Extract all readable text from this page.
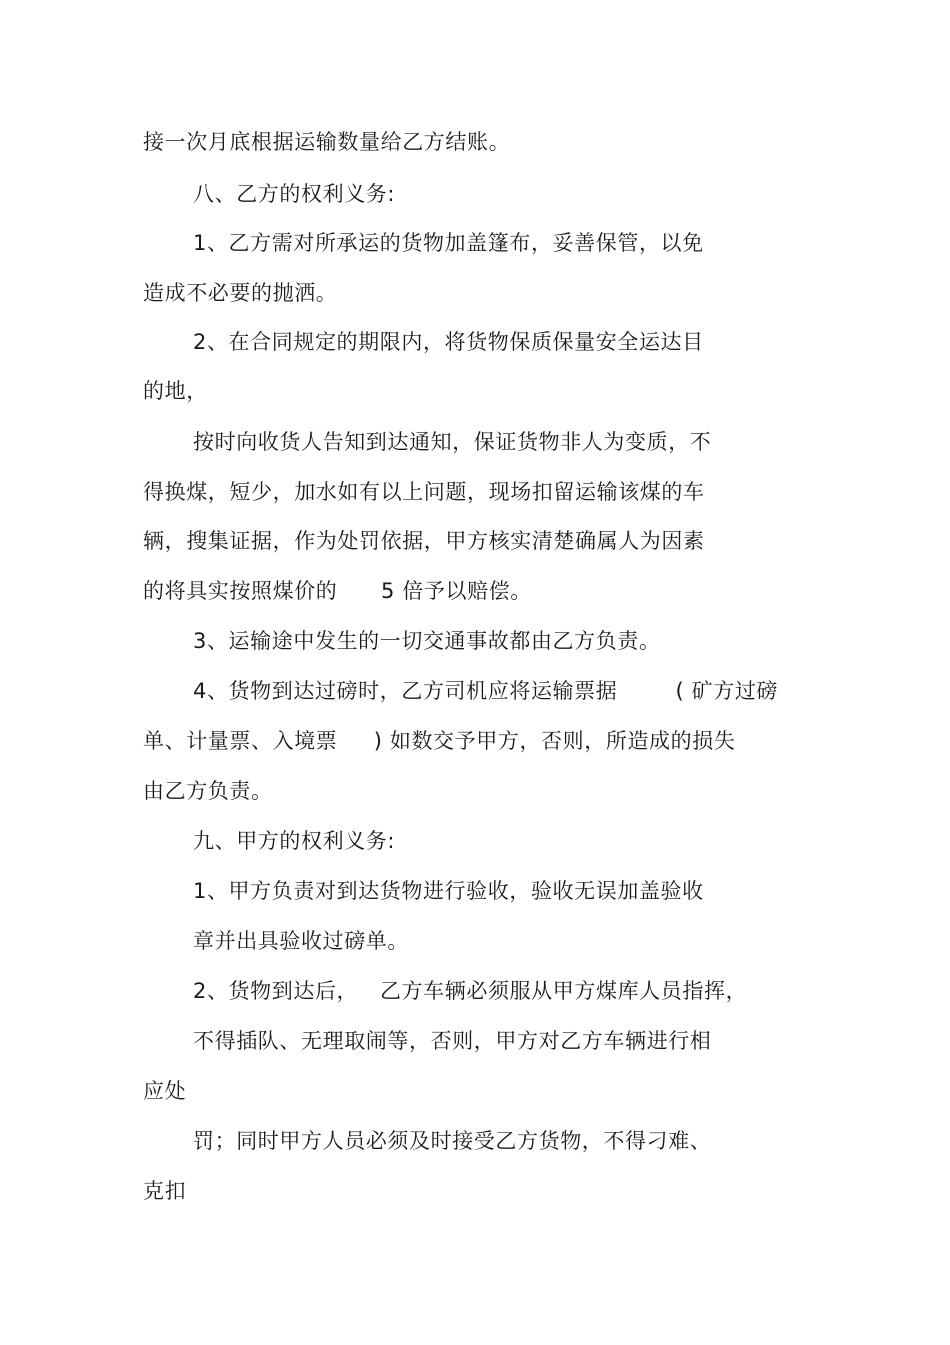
接一次月底根据运输数量给乙方结账。
八、乙方的权利义务:
1、乙方需对所承运的货物加盖篷布，妥善保管，以免
造成不必要的抛洒。
2、在合同规定的期限内，将货物保质保量安全运达目
的地，
按时向收货人告知到达通知，保证货物非人为变质，不
得换煤，短少，加水如有以上问题，现场扣留运输该煤的车
辆，搜集证据，作为处罚依据，甲方核实清楚确属人为因素
的将具实按照煤价的      5 倍予以赔偿。
3、运输途中发生的一切交通事故都由乙方负责。
4、货物到达过磅时，乙方司机应将运输票据        ( 矿方过磅
单、计量票、入境票     ) 如数交予甲方，否则，所造成的损失
由乙方负责。
九、甲方的权利义务:
1、甲方负责对到达货物进行验收，验收无误加盖验收
章并出具验收过磅单。
2、货物到达后，   乙方车辆必须服从甲方煤库人员指挥，
不得插队、无理取闹等，否则，甲方对乙方车辆进行相
应处
罚；同时甲方人员必须及时接受乙方货物，不得刁难、
克扣
